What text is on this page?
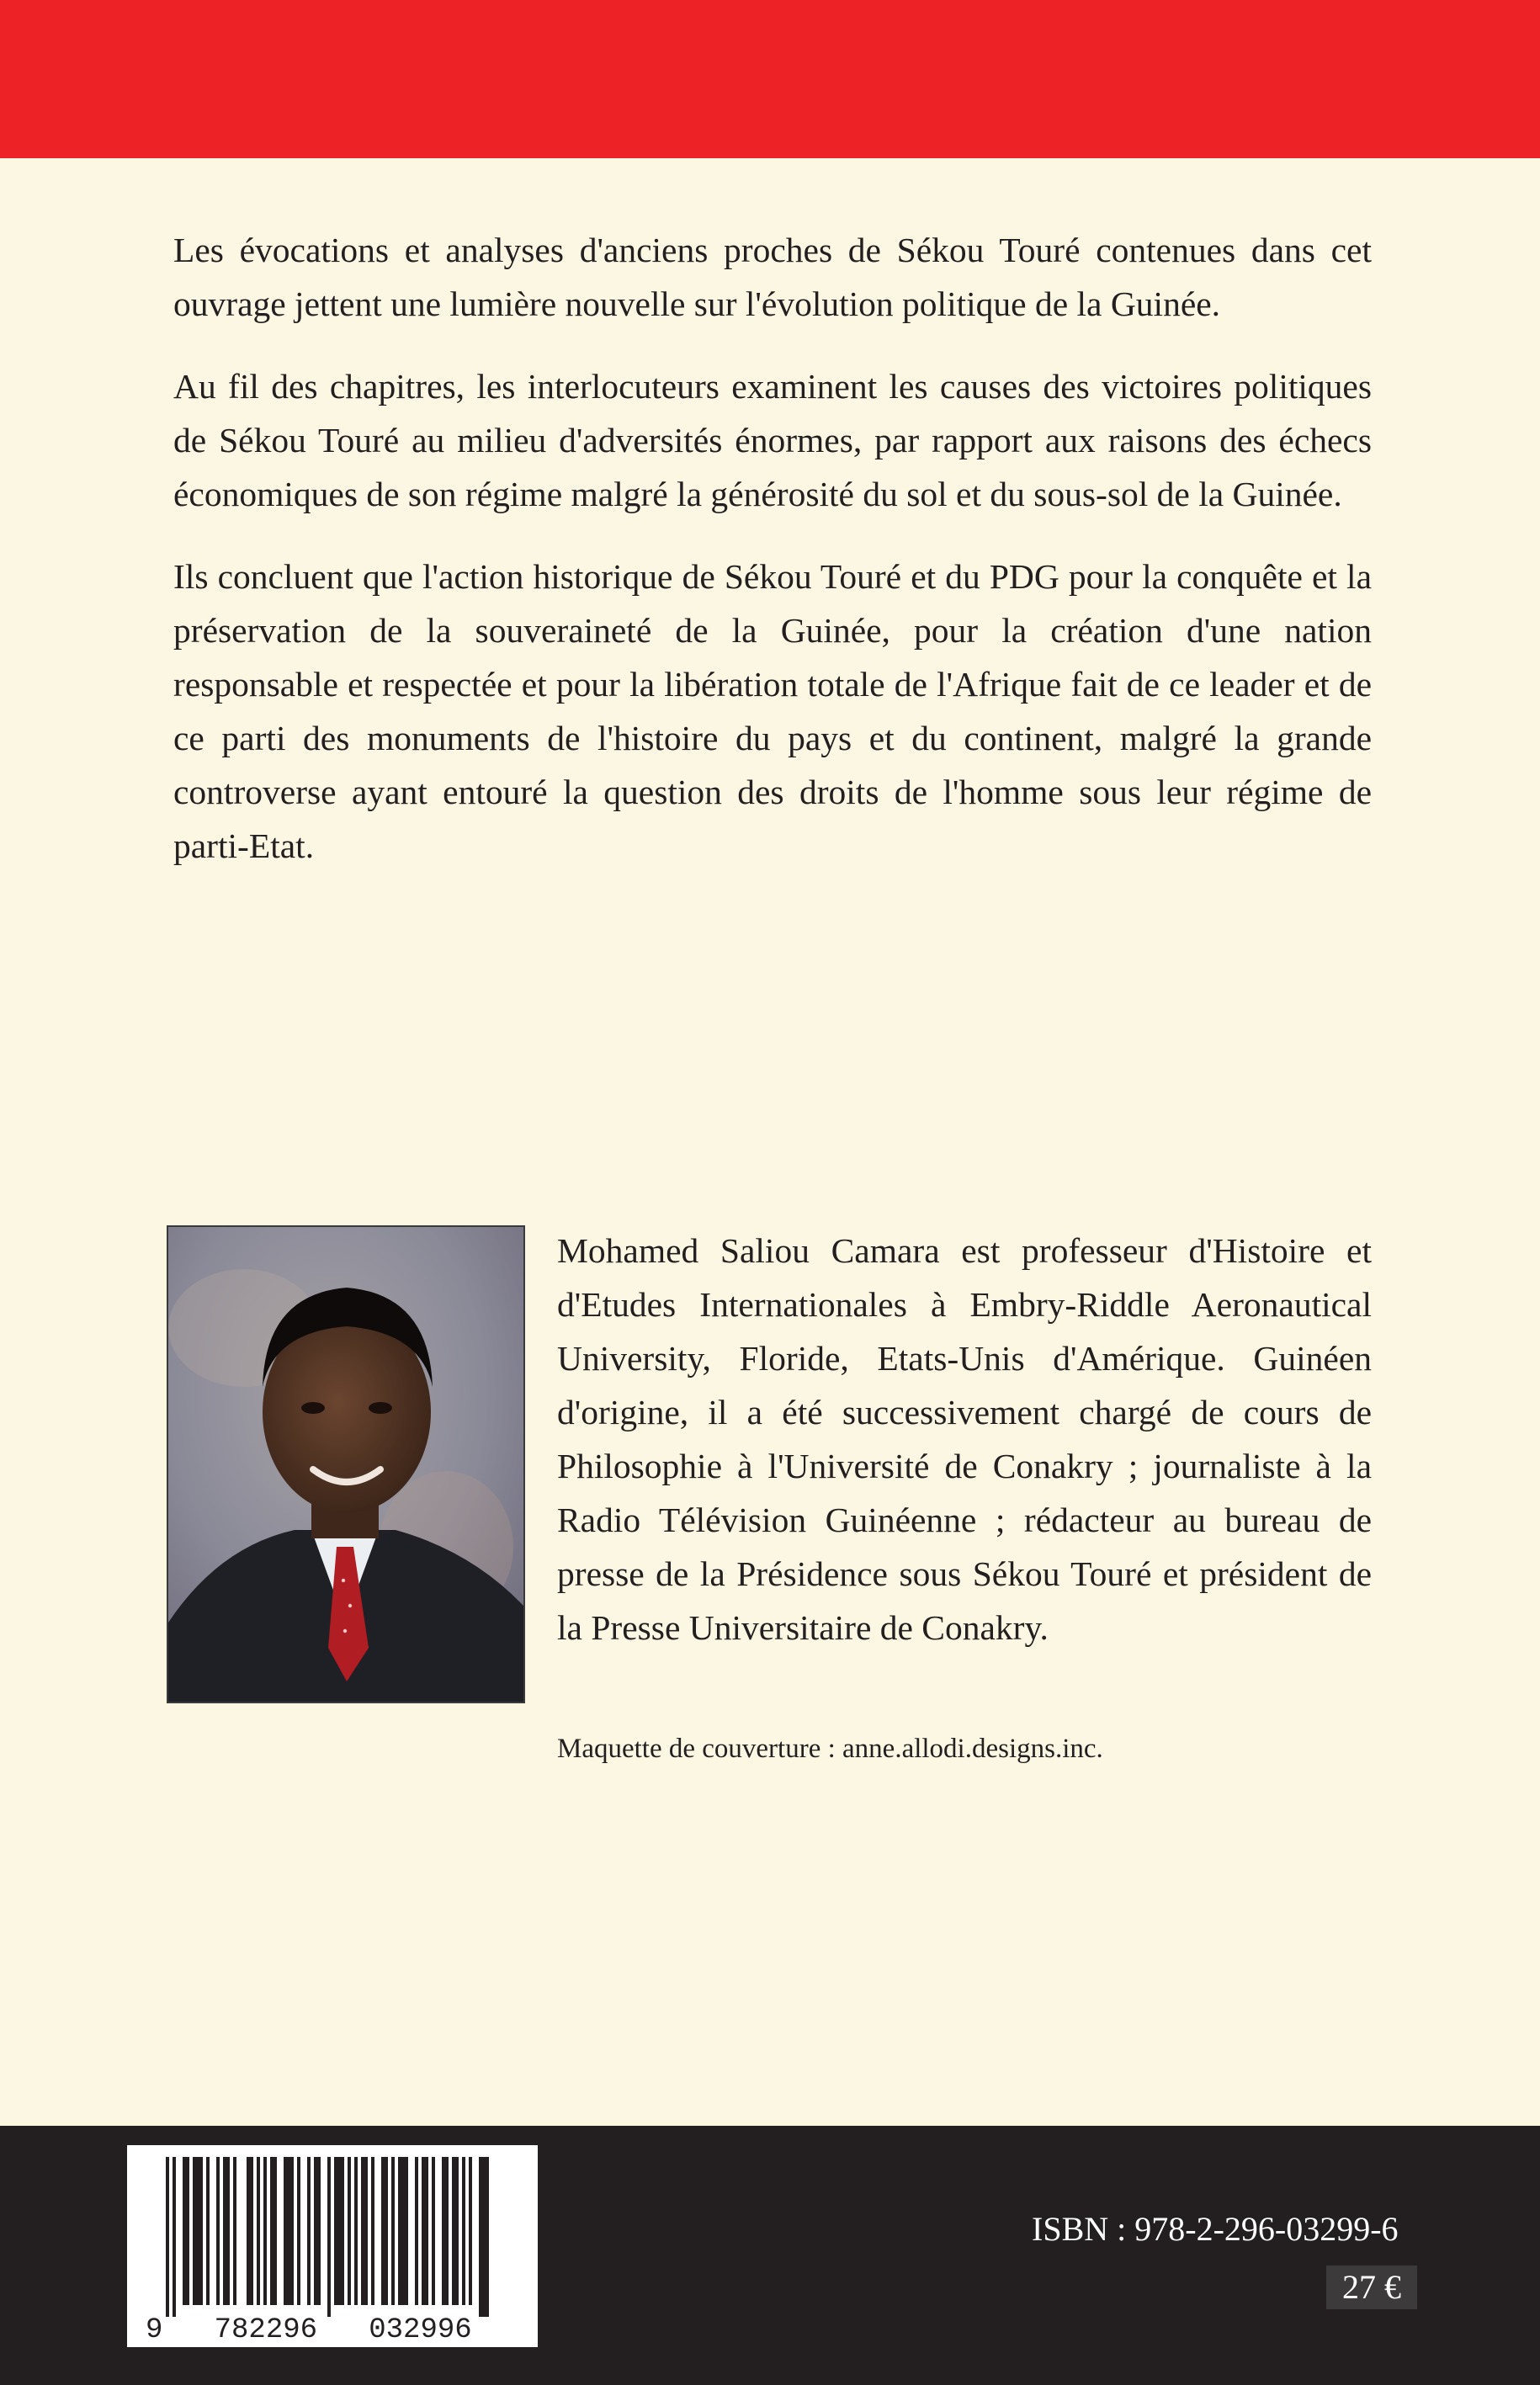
Les évocations et analyses d'anciens proches de Sékou Touré contenues dans cet ouvrage jettent une lumière nouvelle sur l'évolution politique de la Guinée.

Au fil des chapitres, les interlocuteurs examinent les causes des victoires politiques de Sékou Touré au milieu d'adversités énormes, par rapport aux raisons des échecs économiques de son régime malgré la générosité du sol et du sous-sol de la Guinée.

Ils concluent que l'action historique de Sékou Touré et du PDG pour la conquête et la préservation de la souveraineté de la Guinée, pour la création d'une nation responsable et respectée et pour la libération totale de l'Afrique fait de ce leader et de ce parti des monuments de l'histoire du pays et du continent, malgré la grande controverse ayant entouré la question des droits de l'homme sous leur régime de parti-Etat.

Mohamed Saliou Camara est professeur d'Histoire et d'Etudes Internationales à Embry-Riddle Aeronautical University, Floride, Etats-Unis d'Amérique. Guinéen d'origine, il a été successivement chargé de cours de Philosophie à l'Université de Conakry ; journaliste à la Radio Télévision Guinéenne ; rédacteur au bureau de presse de la Présidence sous Sékou Touré et président de la Presse Universitaire de Conakry.

Maquette de couverture : anne.allodi.designs.inc.

9   782296   032996

ISBN : 978-2-296-03299-6

27 €
